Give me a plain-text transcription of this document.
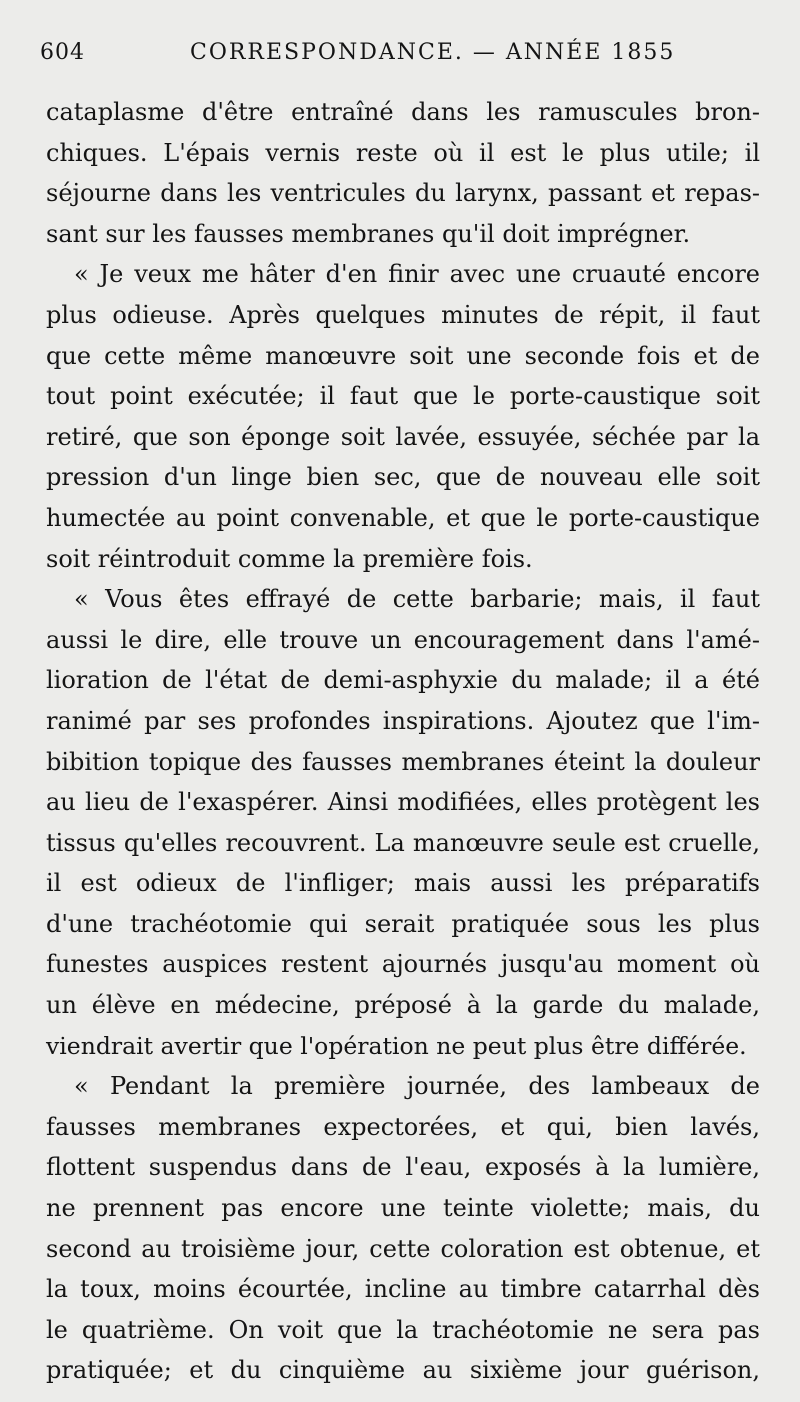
604	CORRESPONDANCE. — ANNÉE 1855
cataplasme d'être entraîné dans les ramuscules bron-
chiques. L'épais vernis reste où il est le plus utile; il
séjourne dans les ventricules du larynx, passant et repas-
sant sur les fausses membranes qu'il doit imprégner.
« Je veux me hâter d'en finir avec une cruauté encore
plus odieuse. Après quelques minutes de répit, il faut
que cette même manœuvre soit une seconde fois et de
tout point exécutée; il faut que le porte-caustique soit
retiré, que son éponge soit lavée, essuyée, séchée par la
pression d'un linge bien sec, que de nouveau elle soit
humectée au point convenable, et que le porte-caustique
soit réintroduit comme la première fois.
« Vous êtes effrayé de cette barbarie; mais, il faut
aussi le dire, elle trouve un encouragement dans l'amé-
lioration de l'état de demi-asphyxie du malade; il a été
ranimé par ses profondes inspirations. Ajoutez que l'im-
bibition topique des fausses membranes éteint la douleur
au lieu de l'exaspérer. Ainsi modifiées, elles protègent les
tissus qu'elles recouvrent. La manœuvre seule est cruelle,
il est odieux de l'infliger; mais aussi les préparatifs
d'une trachéotomie qui serait pratiquée sous les plus
funestes auspices restent ajournés jusqu'au moment où
un élève en médecine, préposé à la garde du malade,
viendrait avertir que l'opération ne peut plus être différée.
« Pendant la première journée, des lambeaux de
fausses membranes expectorées, et qui, bien lavés,
flottent suspendus dans de l'eau, exposés à la lumière,
ne prennent pas encore une teinte violette; mais, du
second au troisième jour, cette coloration est obtenue, et
la toux, moins écourtée, incline au timbre catarrhal dès
le quatrième. On voit que la trachéotomie ne sera pas
pratiquée; et du cinquième au sixième jour guérison,
